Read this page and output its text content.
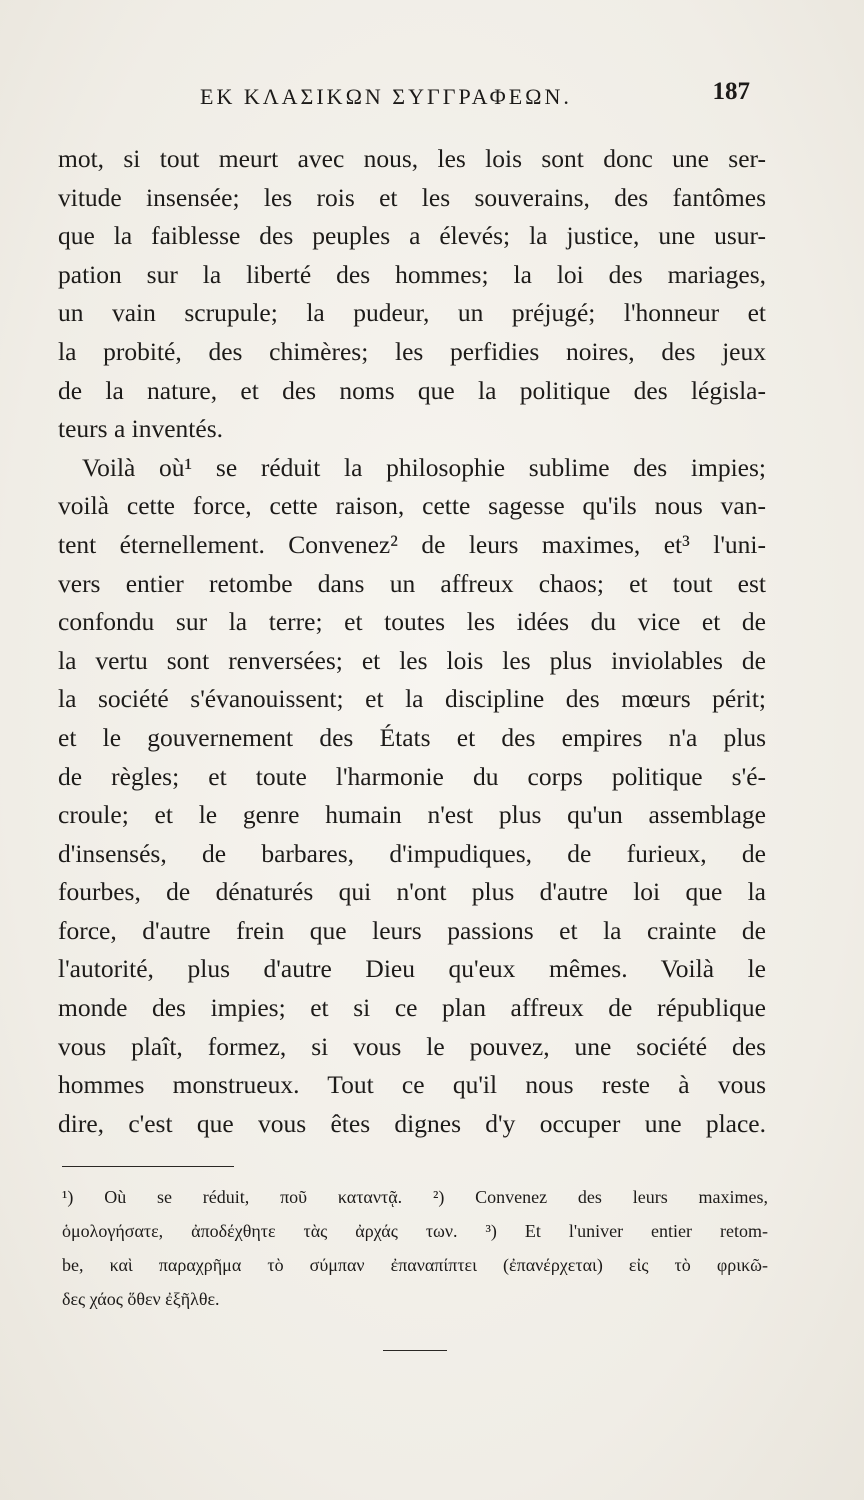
ΕΚ ΚΛΑΣΙΚΩΝ ΣΥΓΓΡΑΦΕΩΝ.	187
mot, si tout meurt avec nous, les lois sont donc une ser-
vitude insensée; les rois et les souverains, des fantômes
que la faiblesse des peuples a élevés; la justice, une usur-
pation sur la liberté des hommes; la loi des mariages,
un vain scrupule; la pudeur, un préjugé; l'honneur et
la probité, des chimères; les perfidies noires, des jeux
de la nature, et des noms que la politique des législa-
teurs a inventés.
Voilà où¹ se réduit la philosophie sublime des impies;
voilà cette force, cette raison, cette sagesse qu'ils nous van-
tent éternellement. Convenez² de leurs maximes, et³ l'uni-
vers entier retombe dans un affreux chaos; et tout est
confondu sur la terre; et toutes les idées du vice et de
la vertu sont renversées; et les lois les plus inviolables de
la société s'évanouissent; et la discipline des mœurs périt;
et le gouvernement des États et des empires n'a plus
de règles; et toute l'harmonie du corps politique s'é-
croule; et le genre humain n'est plus qu'un assemblage
d'insensés, de barbares, d'impudiques, de furieux, de
fourbes, de dénaturés qui n'ont plus d'autre loi que la
force, d'autre frein que leurs passions et la crainte de
l'autorité, plus d'autre Dieu qu'eux mêmes. Voilà le
monde des impies; et si ce plan affreux de république
vous plaît, formez, si vous le pouvez, une société des
hommes monstrueux. Tout ce qu'il nous reste à vous
dire, c'est que vous êtes dignes d'y occuper une place.
¹) Où se réduit, ποῦ καταντᾷ. ²) Convenez des leurs maximes,
ὁμολογήσατε, ἀποδέχθητε τὰς ἀρχάς των. ³) Et l'univer entier retom-
be, καὶ παραχρῆμα τὸ σύμπαν ἐπαναπίπτει (ἐπανέρχεται) εἰς τὸ φρικῶ-
δες χάος ὅθεν ἐξῆλθε.
